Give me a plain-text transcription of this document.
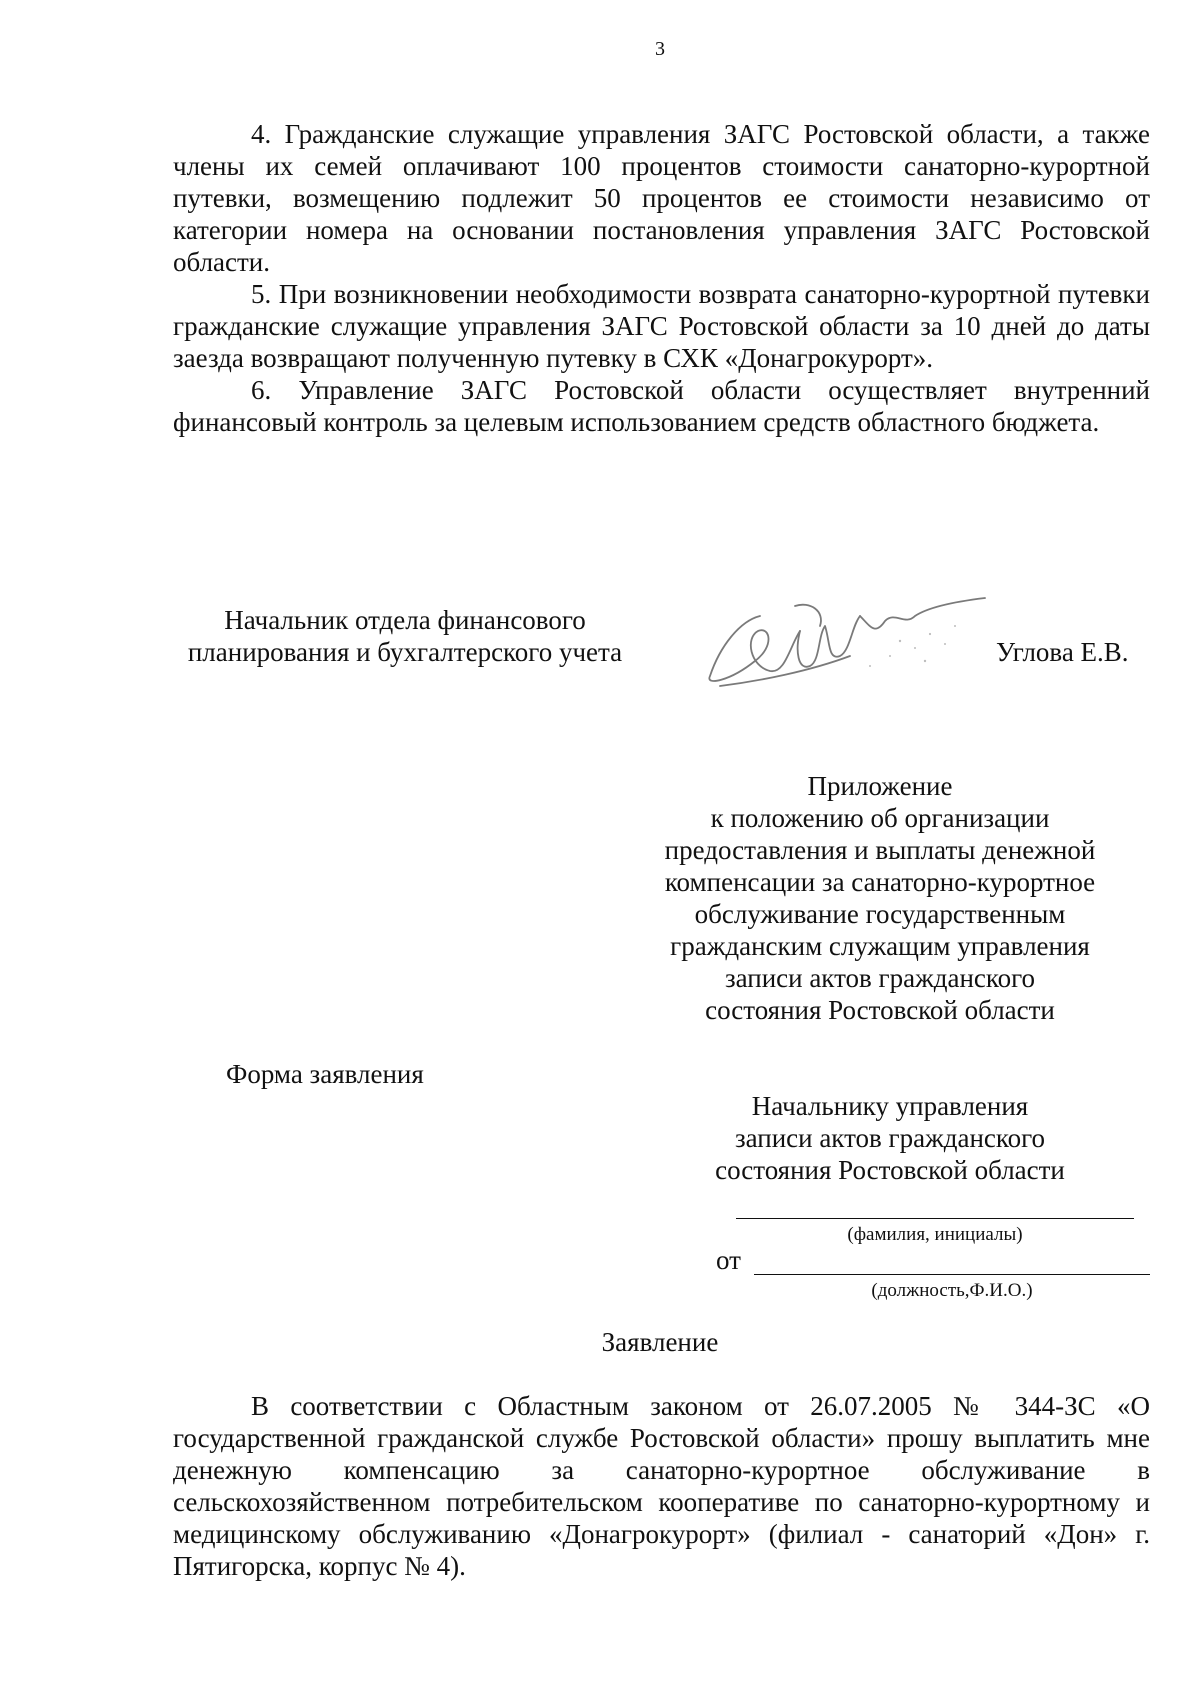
3

4. Гражданские служащие управления ЗАГС Ростовской области, а также члены их семей оплачивают 100 процентов стоимости санаторно-курортной путевки, возмещению подлежит 50 процентов ее стоимости независимо от категории номера на основании постановления управления ЗАГС Ростовской области.

5. При возникновении необходимости возврата санаторно-курортной путевки гражданские служащие управления ЗАГС Ростовской области за 10 дней до даты заезда возвращают полученную путевку в СХК «Донагрокурорт».

6. Управление ЗАГС Ростовской области осуществляет внутренний финансовый контроль за целевым использованием средств областного бюджета.

Начальник отдела финансового
планирования и бухгалтерского учета	Углова Е.В.
Приложение
к положению об организации
предоставления и выплаты денежной
компенсации за санаторно-курортное
обслуживание государственным
гражданским служащим управления
записи актов гражданского
состояния Ростовской области
Форма заявления
Начальнику управления
записи актов гражданского
состояния Ростовской области
(фамилия, инициалы)
от
(должность,Ф.И.О.)
Заявление

В соответствии с Областным законом от 26.07.2005 № 344-ЗС «О государственной гражданской службе Ростовской области» прошу выплатить мне денежную компенсацию за санаторно-курортное обслуживание в сельскохозяйственном потребительском кооперативе по санаторно-курортному и медицинскому обслуживанию «Донагрокурорт» (филиал - санаторий «Дон» г. Пятигорска, корпус № 4).
